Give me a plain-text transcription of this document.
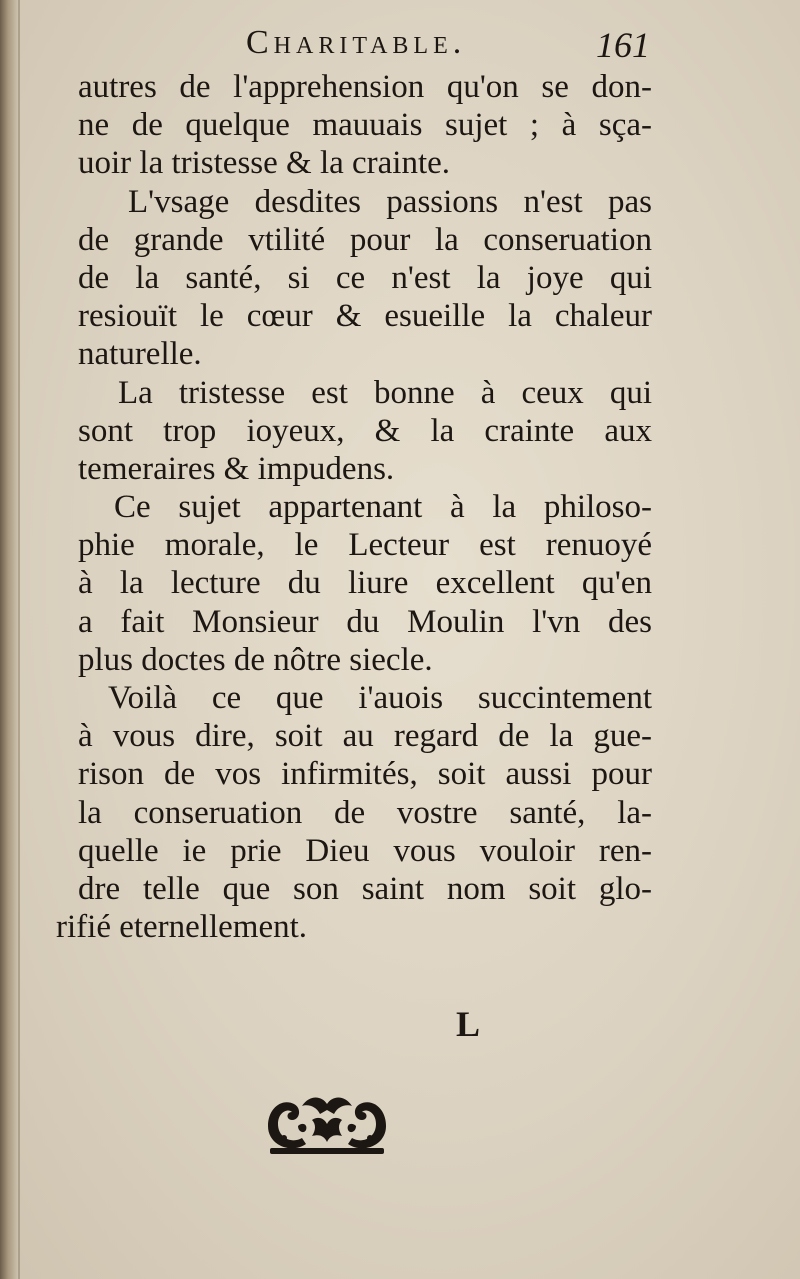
Charitable.	161
autres de l'apprehension qu'on se don-
ne de quelque mauuais sujet ; à sça-
uoir la tristesse & la crainte.
L'vsage desdites passions n'est pas
de grande vtilité pour la conseruation
de la santé, si ce n'est la joye qui
resiouït le cœur & esueille la chaleur
naturelle.
La tristesse est bonne à ceux qui
sont trop ioyeux, & la crainte aux
temeraires & impudens.
Ce sujet appartenant à la philoso-
phie morale, le Lecteur est renuoyé
à la lecture du liure excellent qu'en
a fait Monsieur du Moulin l'vn des
plus doctes de nôtre siecle.
Voilà ce que i'auois succintement
à vous dire, soit au regard de la gue-
rison de vos infirmités, soit aussi pour
la conseruation de vostre santé, la-
quelle ie prie Dieu vous vouloir ren-
dre telle que son saint nom soit glo-
rifié eternellement.
L
